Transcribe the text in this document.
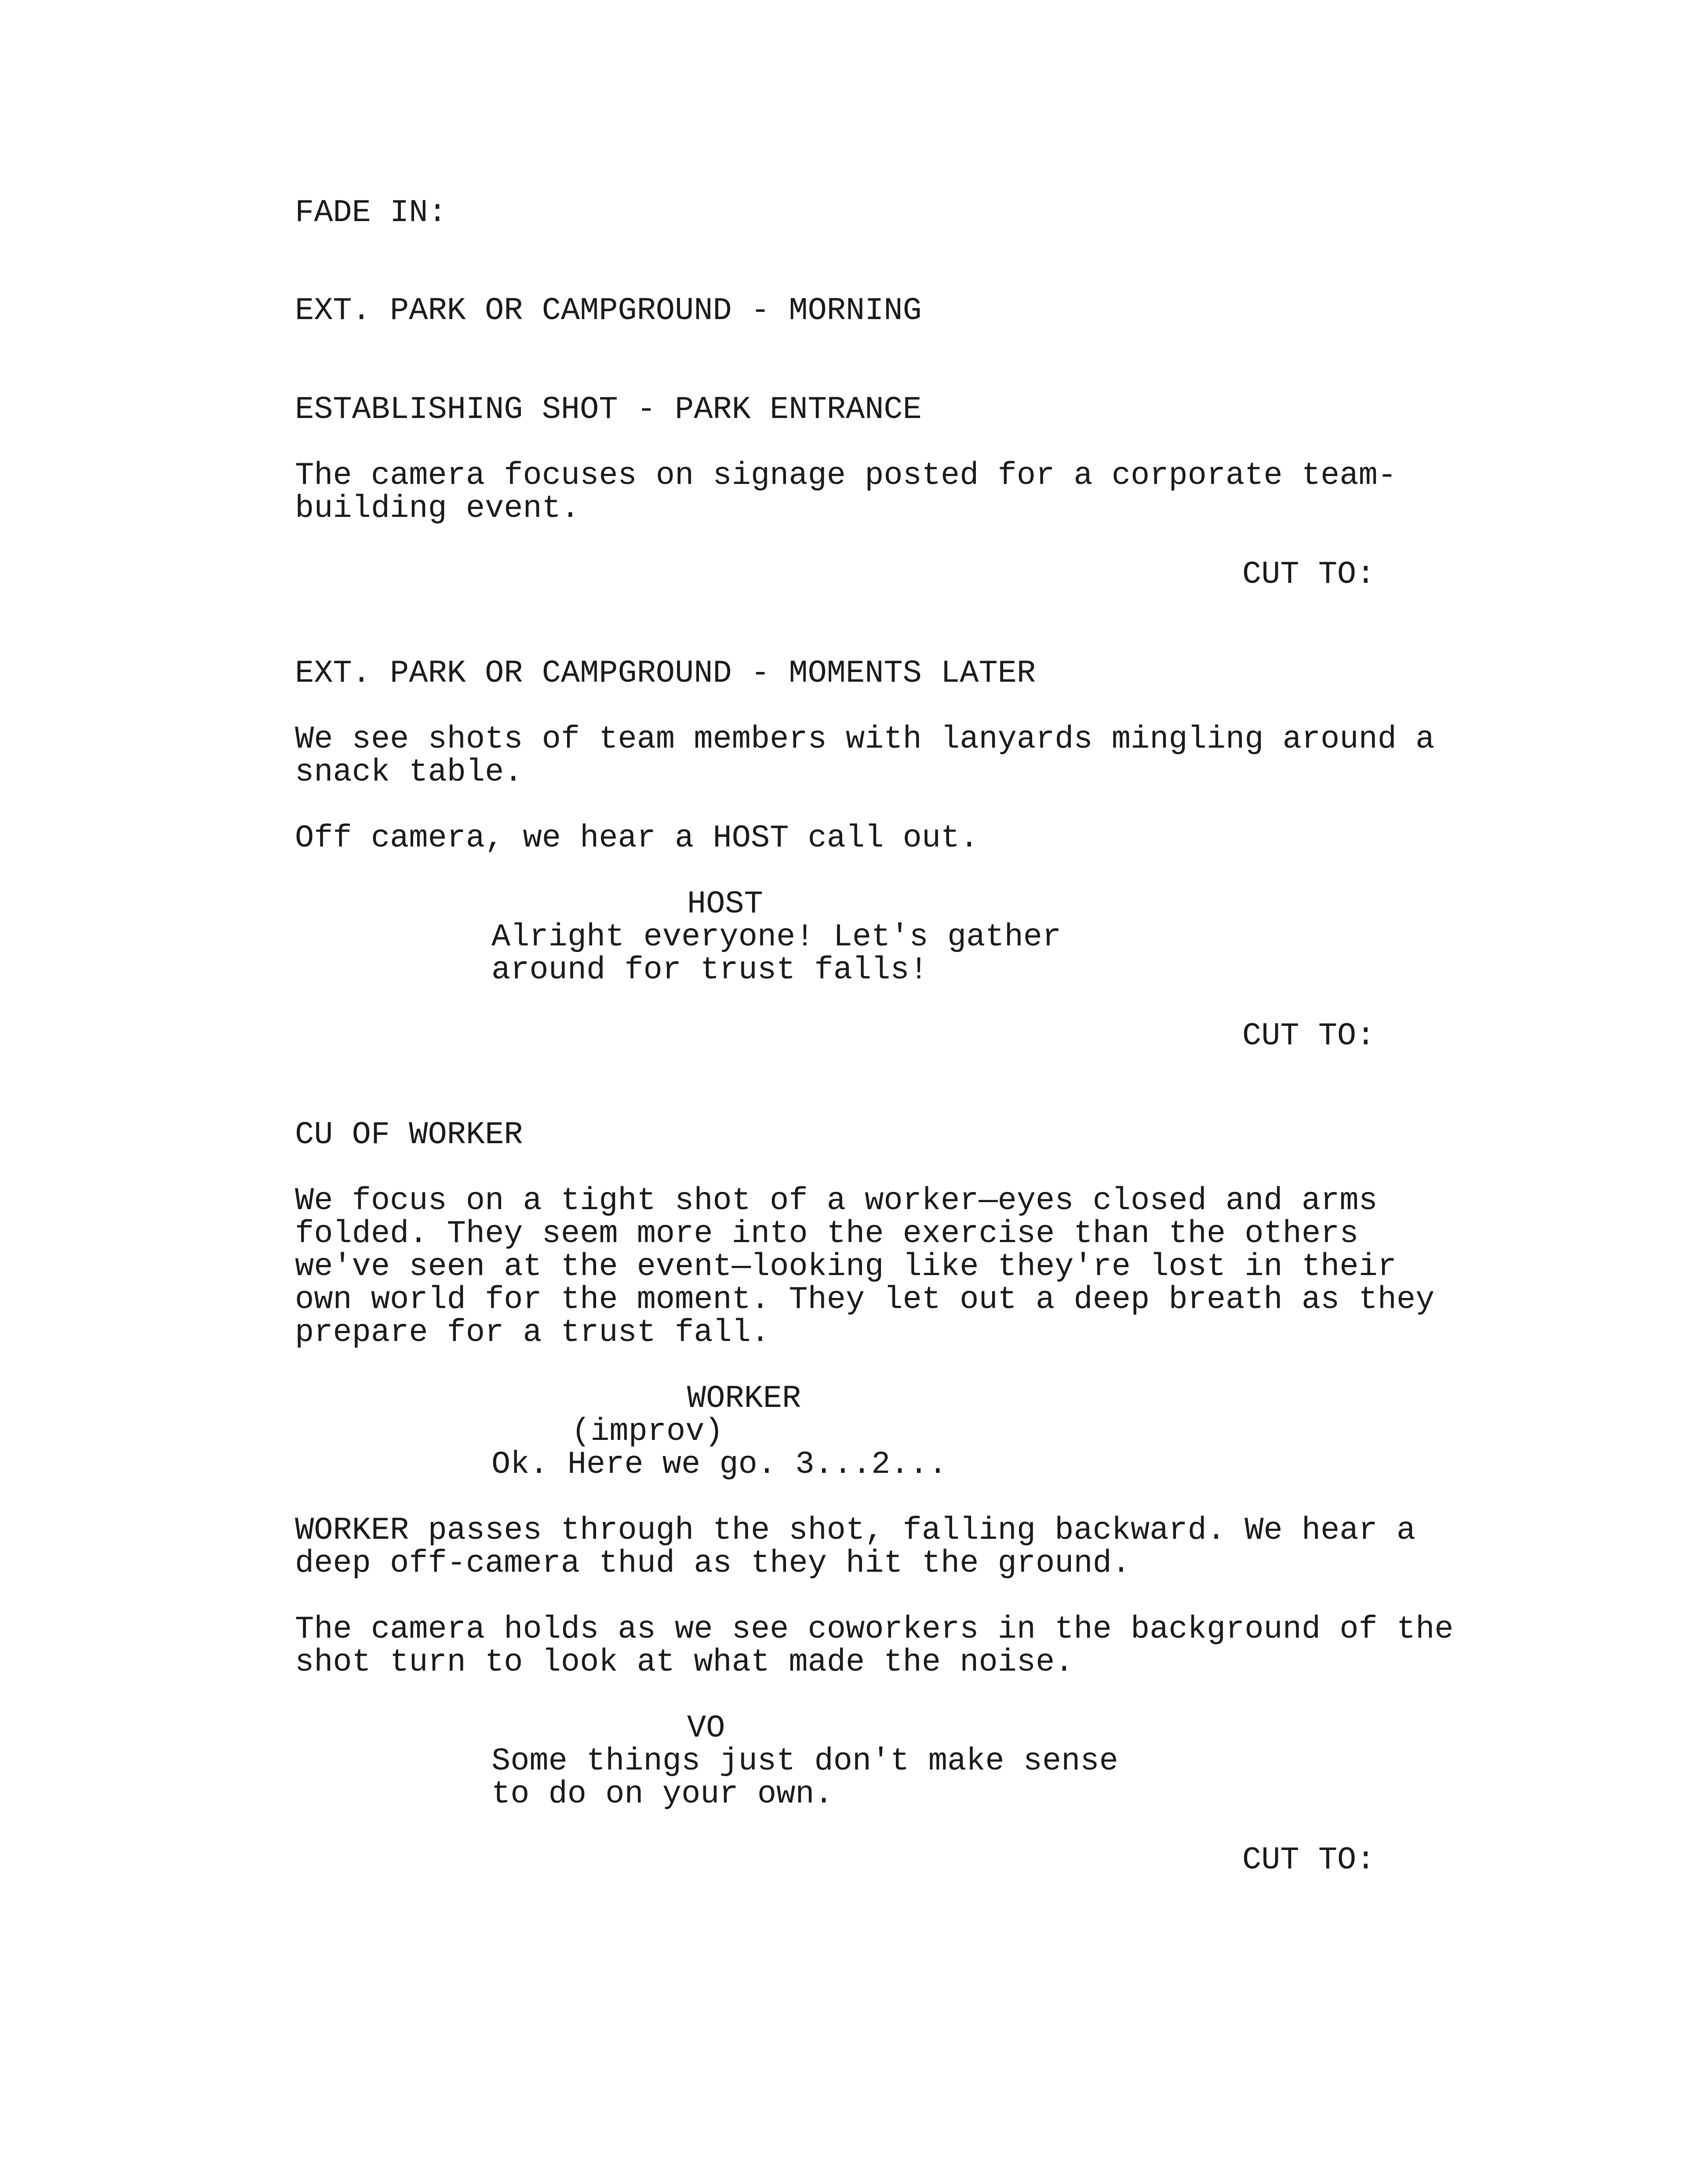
FADE IN:

EXT. PARK OR CAMPGROUND - MORNING

ESTABLISHING SHOT - PARK ENTRANCE

The camera focuses on signage posted for a corporate team-

building event.

CUT TO:

EXT. PARK OR CAMPGROUND - MOMENTS LATER

We see shots of team members with lanyards mingling around a

snack table.

Off camera, we hear a HOST call out.

HOST

Alright everyone! Let's gather

around for trust falls!

CUT TO:

CU OF WORKER

We focus on a tight shot of a worker—eyes closed and arms

folded. They seem more into the exercise than the others

we've seen at the event—looking like they're lost in their

own world for the moment. They let out a deep breath as they

prepare for a trust fall.

WORKER

(improv)

Ok. Here we go. 3...2...

WORKER passes through the shot, falling backward. We hear a

deep off-camera thud as they hit the ground.

The camera holds as we see coworkers in the background of the

shot turn to look at what made the noise.

VO

Some things just don't make sense

to do on your own.

CUT TO:
